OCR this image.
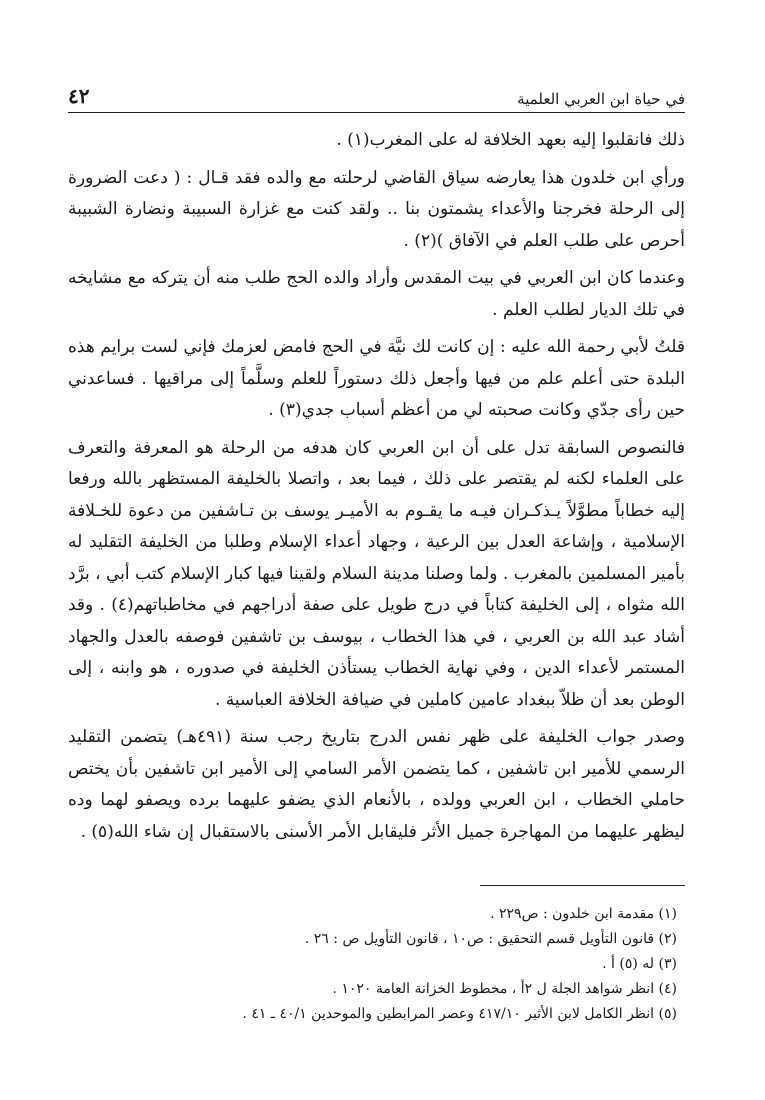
في حياة ابن العربي العلمية
٤٢

ذلك فانقلبوا إليه بعهد الخلافة له على المغرب(١) .

ورأي ابن خلدون هذا يعارضه سياق القاضي لرحلته مع والده فقد قـال : ( دعت الضرورة إلى الرحلة فخرجنا والأعداء يشمتون بنا .. ولقد كنت مع غزارة السبيبة ونضارة الشبيبة أحرص على طلب العلم في الآفاق )(٢) .

وعندما كان ابن العربي في بيت المقدس وأراد والده الحج طلب منه أن يتركه مع مشايخه في تلك الديار لطلب العلم .

قلتُ لأبي رحمة الله عليه : إن كانت لك نيَّة في الحج فامض لعزمك فإني لست برايم هذه البلدة حتى أعلم علم من فيها وأجعل ذلك دستوراً للعلم وسلَّماً إلى مراقيها . فساعدني حين رأى جدّي وكانت صحبته لي من أعظم أسباب جدي(٣) .

فالنصوص السابقة تدل على أن ابن العربي كان هدفه من الرحلة هو المعرفة والتعرف على العلماء لكنه لم يقتصر على ذلك ، فيما بعد ، واتصلا بالخليفة المستظهر بالله ورفعا إليه خطاباً مطوَّلاً يـذكـران فيـه ما يقـوم به الأميـر يوسف بن تـاشفين من دعوة للخـلافة الإسلامية ، وإشاعة العدل بين الرعية ، وجهاد أعداء الإسلام وطلبا من الخليفة التقليد له بأمير المسلمين بالمغرب . ولما وصلنا مدينة السلام ولقينا فيها كبار الإسلام كتب أبي ، برَّد الله مثواه ، إلى الخليفة كتاباً في درج طويل على صفة أدراجهم في مخاطباتهم(٤) . وقد أشاد عبد الله بن العربي ، في هذا الخطاب ، بيوسف بن تاشفين فوصفه بالعدل والجهاد المستمر لأعداء الدين ، وفي نهاية الخطاب يستأذن الخليفة في صدوره ، هو وابنه ، إلى الوطن بعد أن ظلاّ ببغداد عامين كاملين في ضيافة الخلافة العباسية .

وصدر جواب الخليفة على ظهر نفس الدرج بتاريخ رجب سنة (٤٩١هـ) يتضمن التقليد الرسمي للأمير ابن تاشفين ، كما يتضمن الأمر السامي إلى الأمير ابن تاشفين بأن يختص حاملي الخطاب ، ابن العربي وولده ، بالأنعام الذي يضفو عليهما برده ويصفو لهما وده ليظهر عليهما من المهاجرة جميل الأثر فليقابل الأمر الأسنى بالاستقبال إن شاء الله(٥) .

(١) مقدمة ابن خلدون : ص٢٢٩ .
(٢) قانون التأويل قسم التحقيق : ص١٠ ، قانون التأويل ص : ٢٦ .
(٣) له (٥) أ .
(٤) انظر شواهد الجلة ل ٢أ ، مخطوط الخزانة العامة ١٠٢٠ .
(٥) انظر الكامل لابن الأثير ٤١٧/١٠ وعصر المرابطين والموحدين ٤٠/١ ـ ٤١ .
